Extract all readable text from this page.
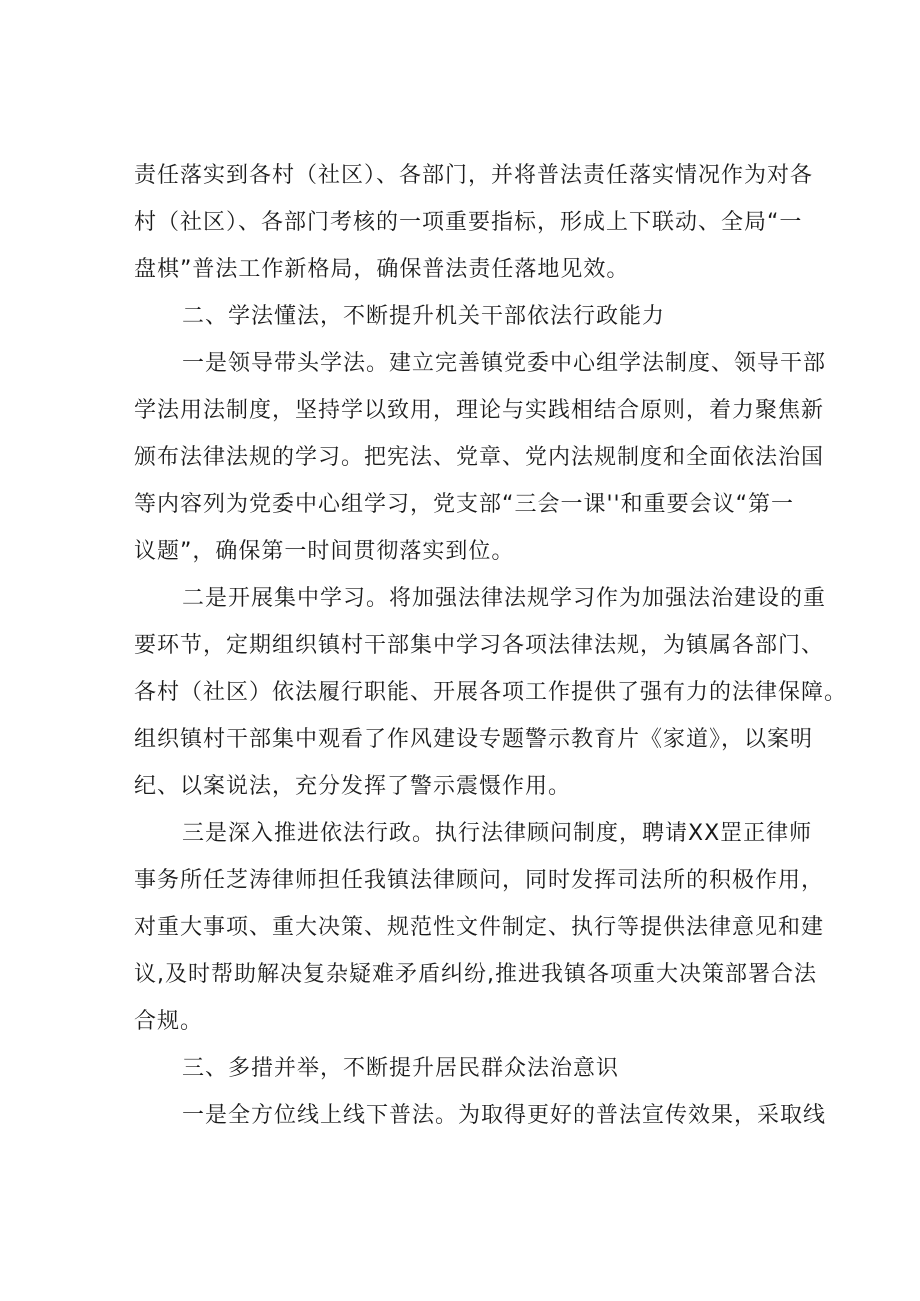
责任落实到各村（社区）、各部门，并将普法责任落实情况作为对各
村（社区）、各部门考核的一项重要指标，形成上下联动、全局“一
盘棋”普法工作新格局，确保普法责任落地见效。
二、学法懂法，不断提升机关干部依法行政能力
一是领导带头学法。建立完善镇党委中心组学法制度、领导干部
学法用法制度，坚持学以致用，理论与实践相结合原则，着力聚焦新
颁布法律法规的学习。把宪法、党章、党内法规制度和全面依法治国
等内容列为党委中心组学习，党支部“三会一课''和重要会议“第一
议题”，确保第一时间贯彻落实到位。
二是开展集中学习。将加强法律法规学习作为加强法治建设的重
要环节，定期组织镇村干部集中学习各项法律法规，为镇属各部门、
各村（社区）依法履行职能、开展各项工作提供了强有力的法律保障。
组织镇村干部集中观看了作风建设专题警示教育片《家道》，以案明
纪、以案说法，充分发挥了警示震慑作用。
三是深入推进依法行政。执行法律顾问制度，聘请XX罡正律师
事务所任芝涛律师担任我镇法律顾问，同时发挥司法所的积极作用，
对重大事项、重大决策、规范性文件制定、执行等提供法律意见和建
议,及时帮助解决复杂疑难矛盾纠纷,推进我镇各项重大决策部署合法
合规。
三、多措并举，不断提升居民群众法治意识
一是全方位线上线下普法。为取得更好的普法宣传效果，采取线
